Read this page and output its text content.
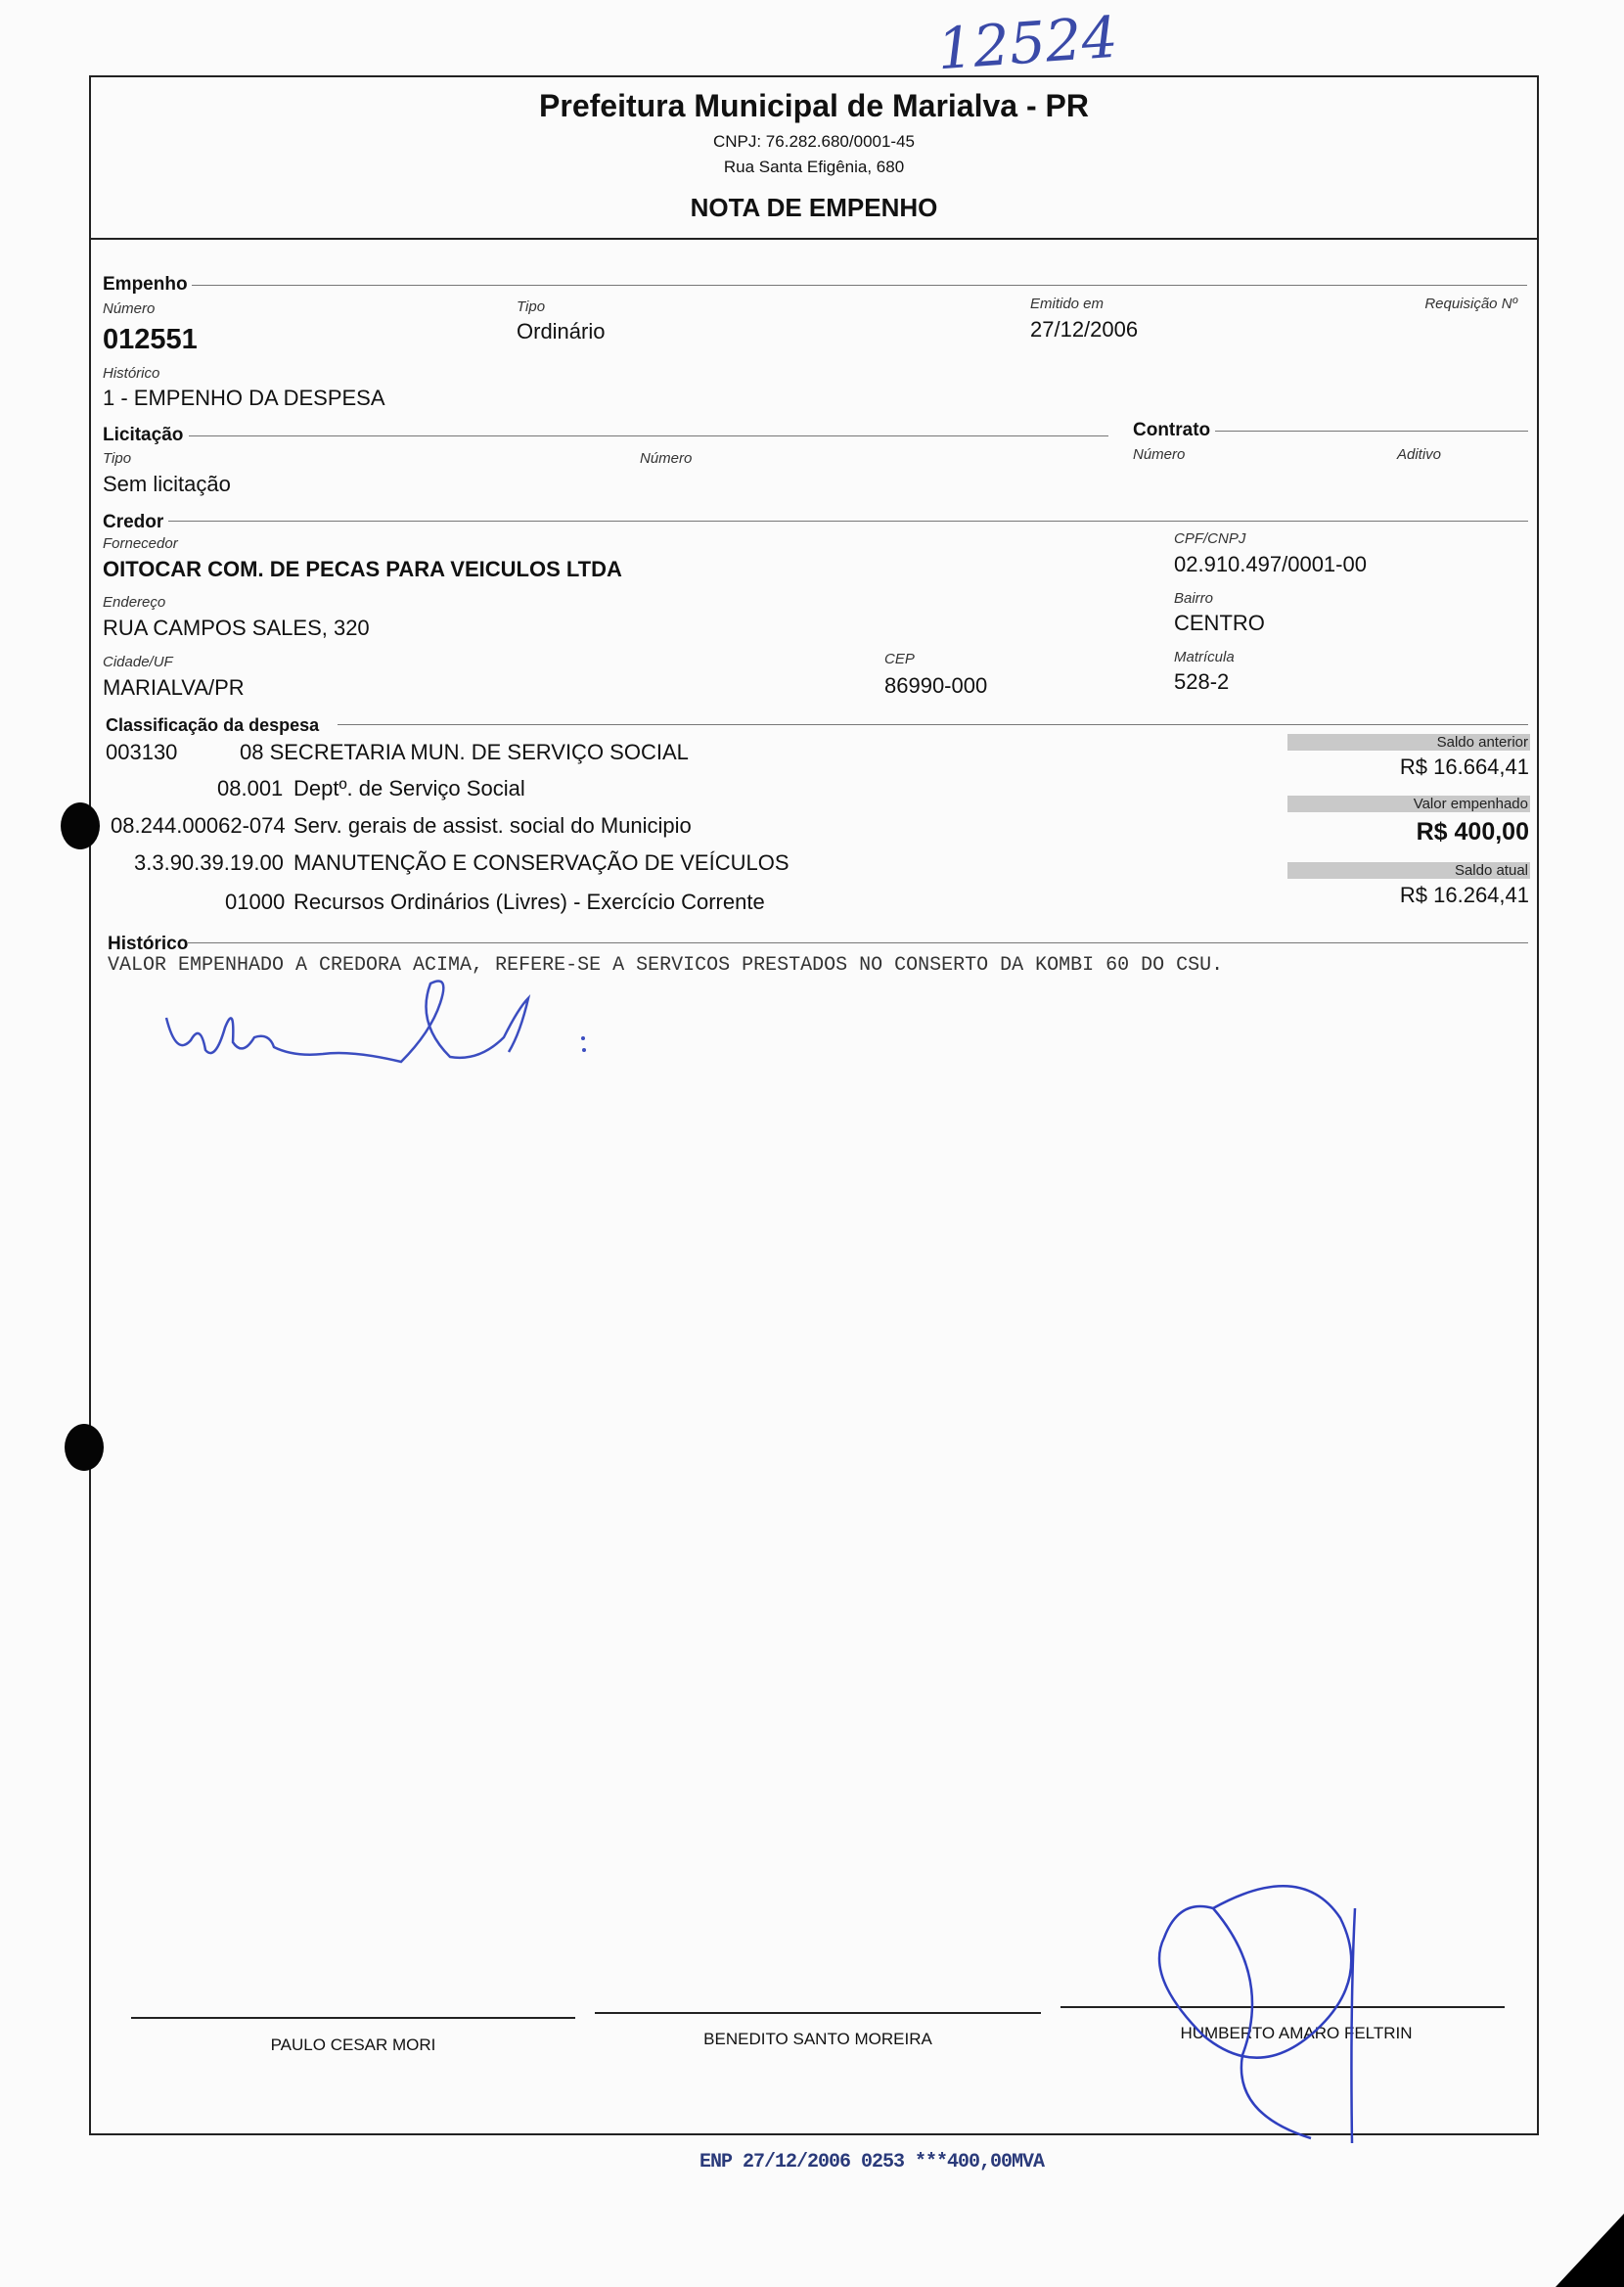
12524
Prefeitura Municipal de Marialva - PR
CNPJ: 76.282.680/0001-45
Rua Santa Efigênia, 680
NOTA DE EMPENHO
Empenho
Número
012551
Tipo
Ordinário
Emitido em
27/12/2006
Requisição Nº
Histórico
1 - EMPENHO DA DESPESA
Licitação	Contrato
Tipo
Sem licitação
Número	Número	Aditivo
Credor
Fornecedor
OITOCAR COM. DE PECAS PARA VEICULOS LTDA
CPF/CNPJ
02.910.497/0001-00
Endereço
RUA CAMPOS SALES, 320
Bairro
CENTRO
Cidade/UF
MARIALVA/PR
CEP
86990-000
Matrícula
528-2
Classificação da despesa
003130	08 SECRETARIA MUN. DE SERVIÇO SOCIAL
08.001 Deptº. de Serviço Social
08.244.00062-074 Serv. gerais de assist. social do Municipio
3.3.90.39.19.00 MANUTENÇÃO E CONSERVAÇÃO DE VEÍCULOS
01000 Recursos Ordinários (Livres) - Exercício Corrente
Saldo anterior
R$ 16.664,41
Valor empenhado
R$ 400,00
Saldo atual
R$ 16.264,41
Histórico
VALOR EMPENHADO A CREDORA ACIMA, REFERE-SE A SERVICOS PRESTADOS NO CONSERTO DA KOMBI 60 DO CSU.
PAULO CESAR MORI	BENEDITO SANTO MOREIRA	HUMBERTO AMARO FELTRIN
ENP 27/12/2006 0253 ***400,00MVA
